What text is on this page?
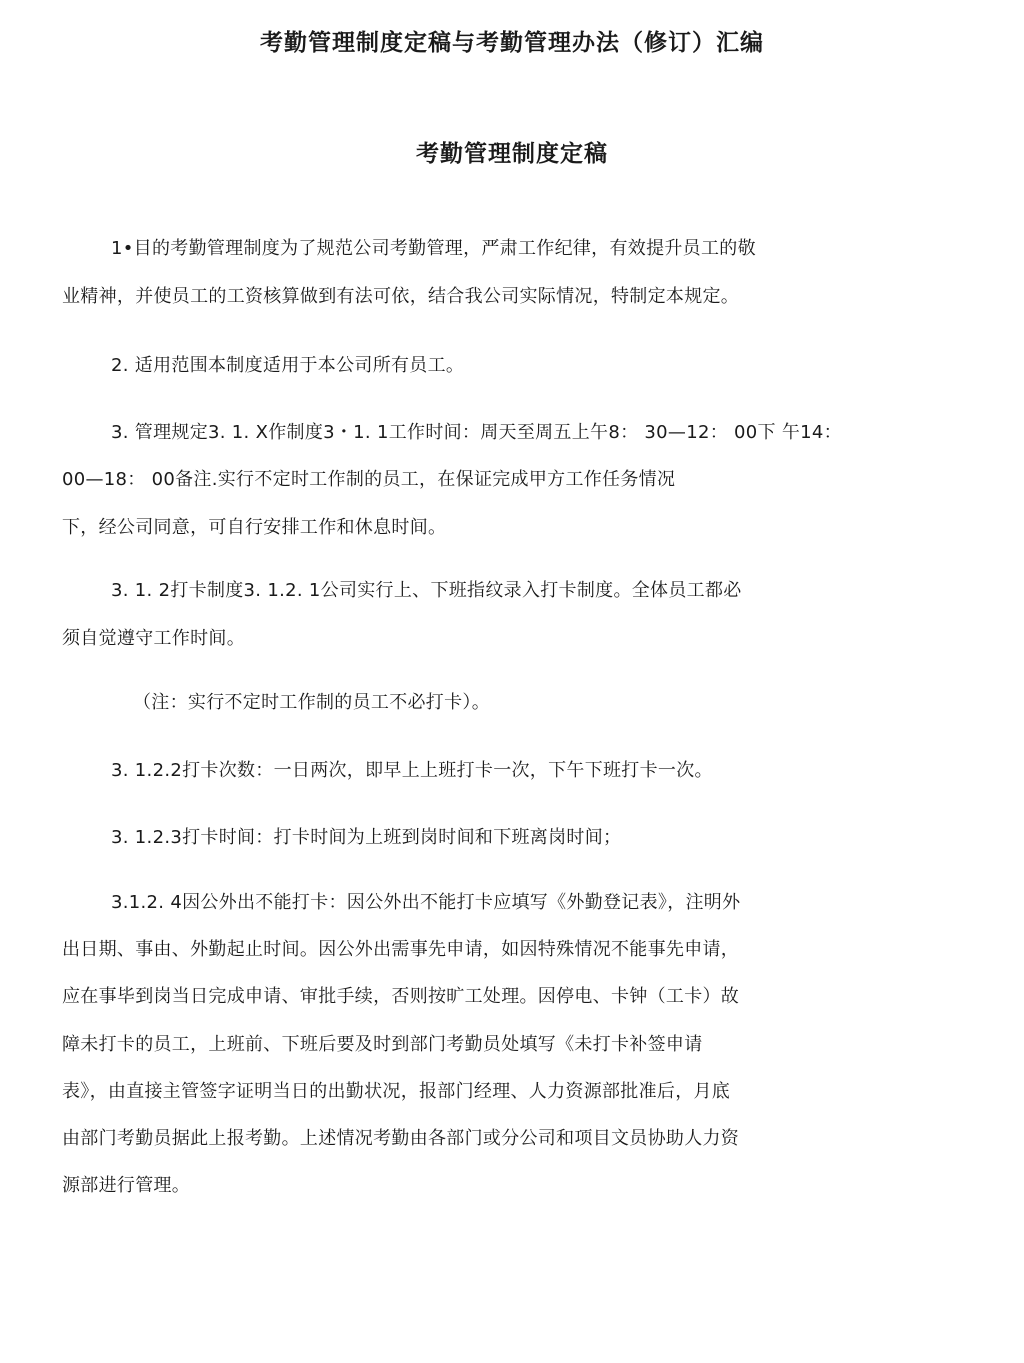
考勤管理制度定稿与考勤管理办法（修订）汇编
考勤管理制度定稿

1•目的考勤管理制度为了规范公司考勤管理，严肃工作纪律，有效提升员工的敬

业精神，并使员工的工资核算做到有法可依，结合我公司实际情况，特制定本规定。

2. 适用范围本制度适用于本公司所有员工。

3. 管理规定3. 1. X作制度3・1. 1工作时间：周天至周五上午8： 30—12： 00下 午14：

00—18： 00备注.实行不定时工作制的员工，在保证完成甲方工作任务情况

下，经公司同意，可自行安排工作和休息时间。

3. 1. 2打卡制度3. 1.2. 1公司实行上、下班指纹录入打卡制度。全体员工都必

须自觉遵守工作时间。

（注：实行不定时工作制的员工不必打卡）。

3. 1.2.2打卡次数：一日两次，即早上上班打卡一次，下午下班打卡一次。

3. 1.2.3打卡时间：打卡时间为上班到岗时间和下班离岗时间；

3.1.2. 4因公外出不能打卡：因公外出不能打卡应填写《外勤登记表》，注明外

出日期、事由、外勤起止时间。因公外出需事先申请，如因特殊情况不能事先申请，

应在事毕到岗当日完成申请、审批手续，否则按旷工处理。因停电、卡钟（工卡）故

障未打卡的员工，上班前、下班后要及时到部门考勤员处填写《未打卡补签申请

表》，由直接主管签字证明当日的出勤状况，报部门经理、人力资源部批准后，月底

由部门考勤员据此上报考勤。上述情况考勤由各部门或分公司和项目文员协助人力资

源部进行管理。
